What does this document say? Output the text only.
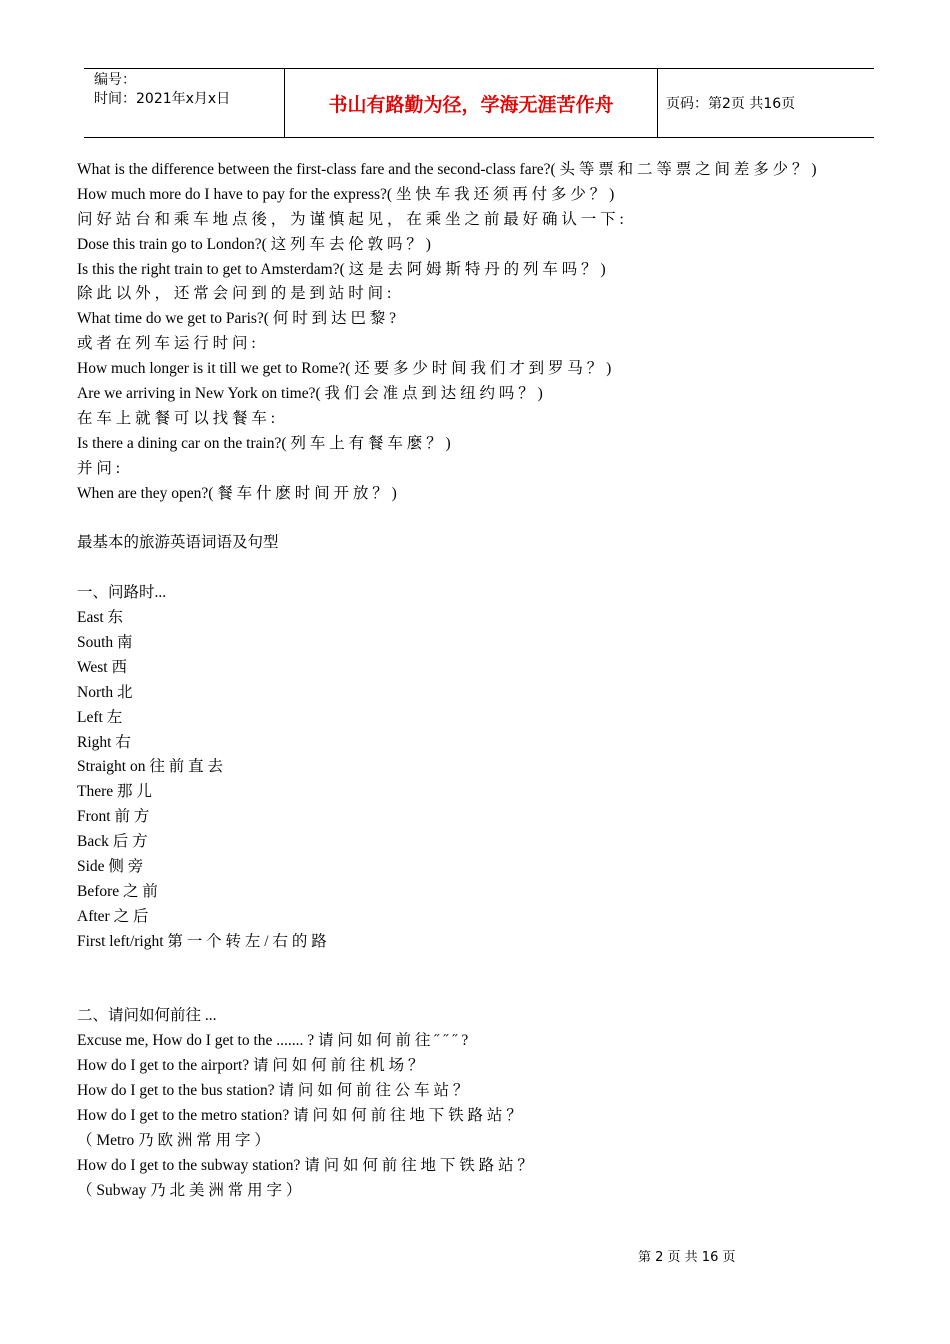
编号：
时间：2021年x月x日	书山有路勤为径，学海无涯苦作舟	页码：第2页 共16页
What is the difference between the first-class fare and the second-class fare?( 头 等 票 和 二 等 票 之 间 差 多 少 ？ )
How much more do I have to pay for the express?( 坐 快 车 我 还 须 再 付 多 少 ？ )
问 好 站 台 和 乘 车 地 点 後 ， 为 谨 慎 起 见 ， 在 乘 坐 之 前 最 好 确 认 一 下 :
Dose this train go to London?( 这 列 车 去 伦 敦 吗 ？ )
Is this the right train to get to Amsterdam?( 这 是 去 阿 姆 斯 特 丹 的 列 车 吗 ？ )
除 此 以 外 ， 还 常 会 问 到 的 是 到 站 时 间 :
What time do we get to Paris?( 何 时 到 达 巴 黎 ?
或 者 在 列 车 运 行 时 问 :
How much longer is it till we get to Rome?( 还 要 多 少 时 间 我 们 才 到 罗 马 ？ )
Are we arriving in New York on time?( 我 们 会 准 点 到 达 纽 约 吗 ？ )
在 车 上 就 餐 可 以 找 餐 车 :
Is there a dining car on the train?( 列 车 上 有 餐 车 麼 ？ )
并 问 :
When are they open?( 餐 车 什 麽 时 间 开 放 ？ )
最基本的旅游英语词语及句型
一、问路时...
East 东
South 南
West 西
North 北
Left 左
Right 右
Straight on 往 前 直 去
There 那 儿
Front 前 方
Back 后 方
Side 侧 旁
Before 之 前
After 之 后
First left/right 第 一 个 转 左 / 右 的 路
二、请问如何前往 ...
Excuse me, How do I get to the ....... ? 请 问 如 何 前 往 ˝ ˝ ˝ ?
How do I get to the airport? 请 问 如 何 前 往 机 场 ？
How do I get to the bus station? 请 问 如 何 前 往 公 车 站 ？
How do I get to the metro station? 请 问 如 何 前 往 地 下 铁 路 站 ？
（ Metro 乃 欧 洲 常 用 字 ）
How do I get to the subway station? 请 问 如 何 前 往 地 下 铁 路 站 ？
（ Subway 乃 北 美 洲 常 用 字 ）
第 2 页 共 16 页
